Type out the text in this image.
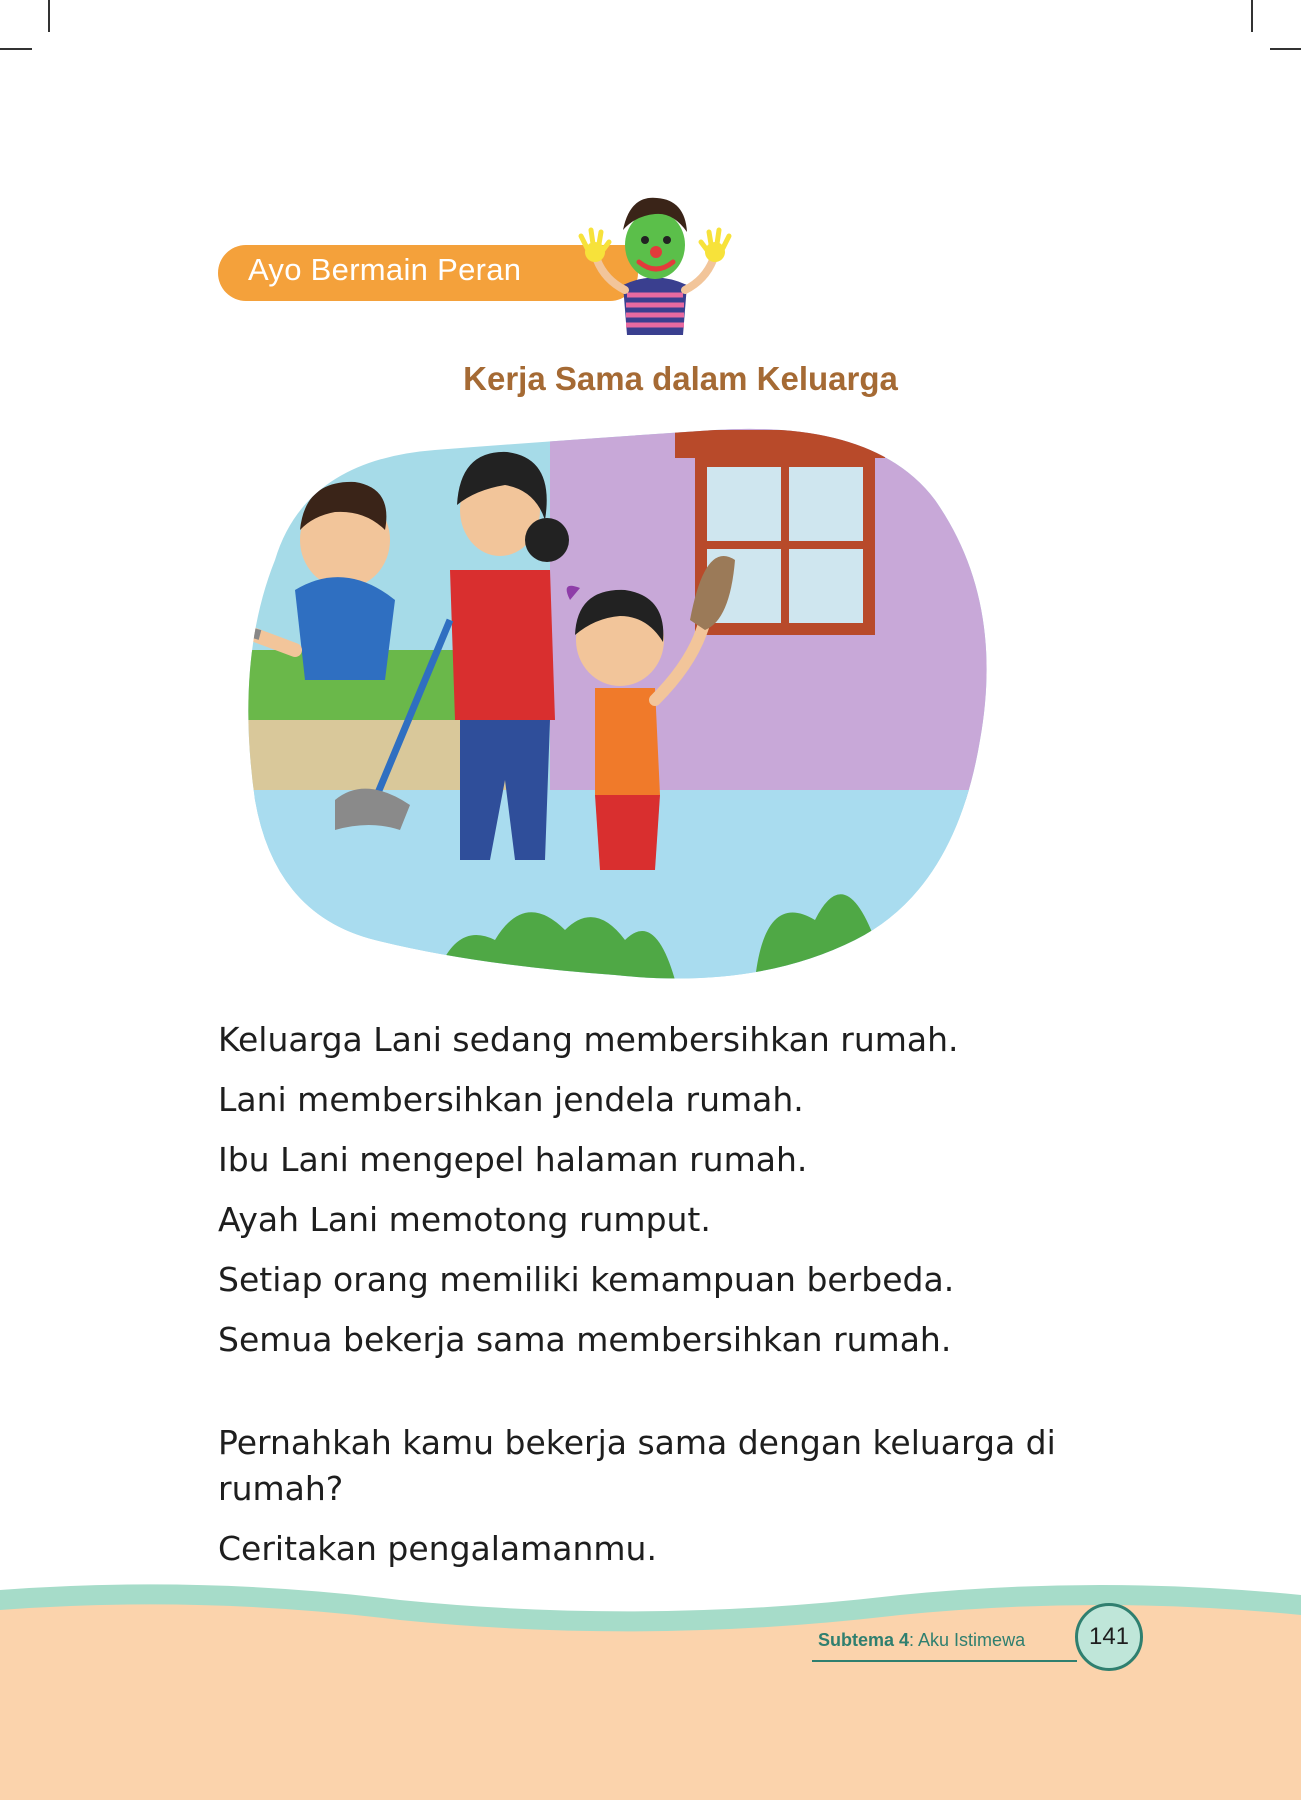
Ayo Bermain Peran
Kerja Sama dalam Keluarga

Keluarga Lani sedang membersihkan rumah.

Lani membersihkan jendela rumah.

Ibu Lani mengepel halaman rumah.

Ayah Lani memotong rumput.

Setiap orang memiliki kemampuan berbeda.

Semua bekerja sama membersihkan rumah.

Pernahkah kamu bekerja sama dengan keluarga di rumah?

Ceritakan pengalamanmu.

Subtema 4: Aku Istimewa	141
